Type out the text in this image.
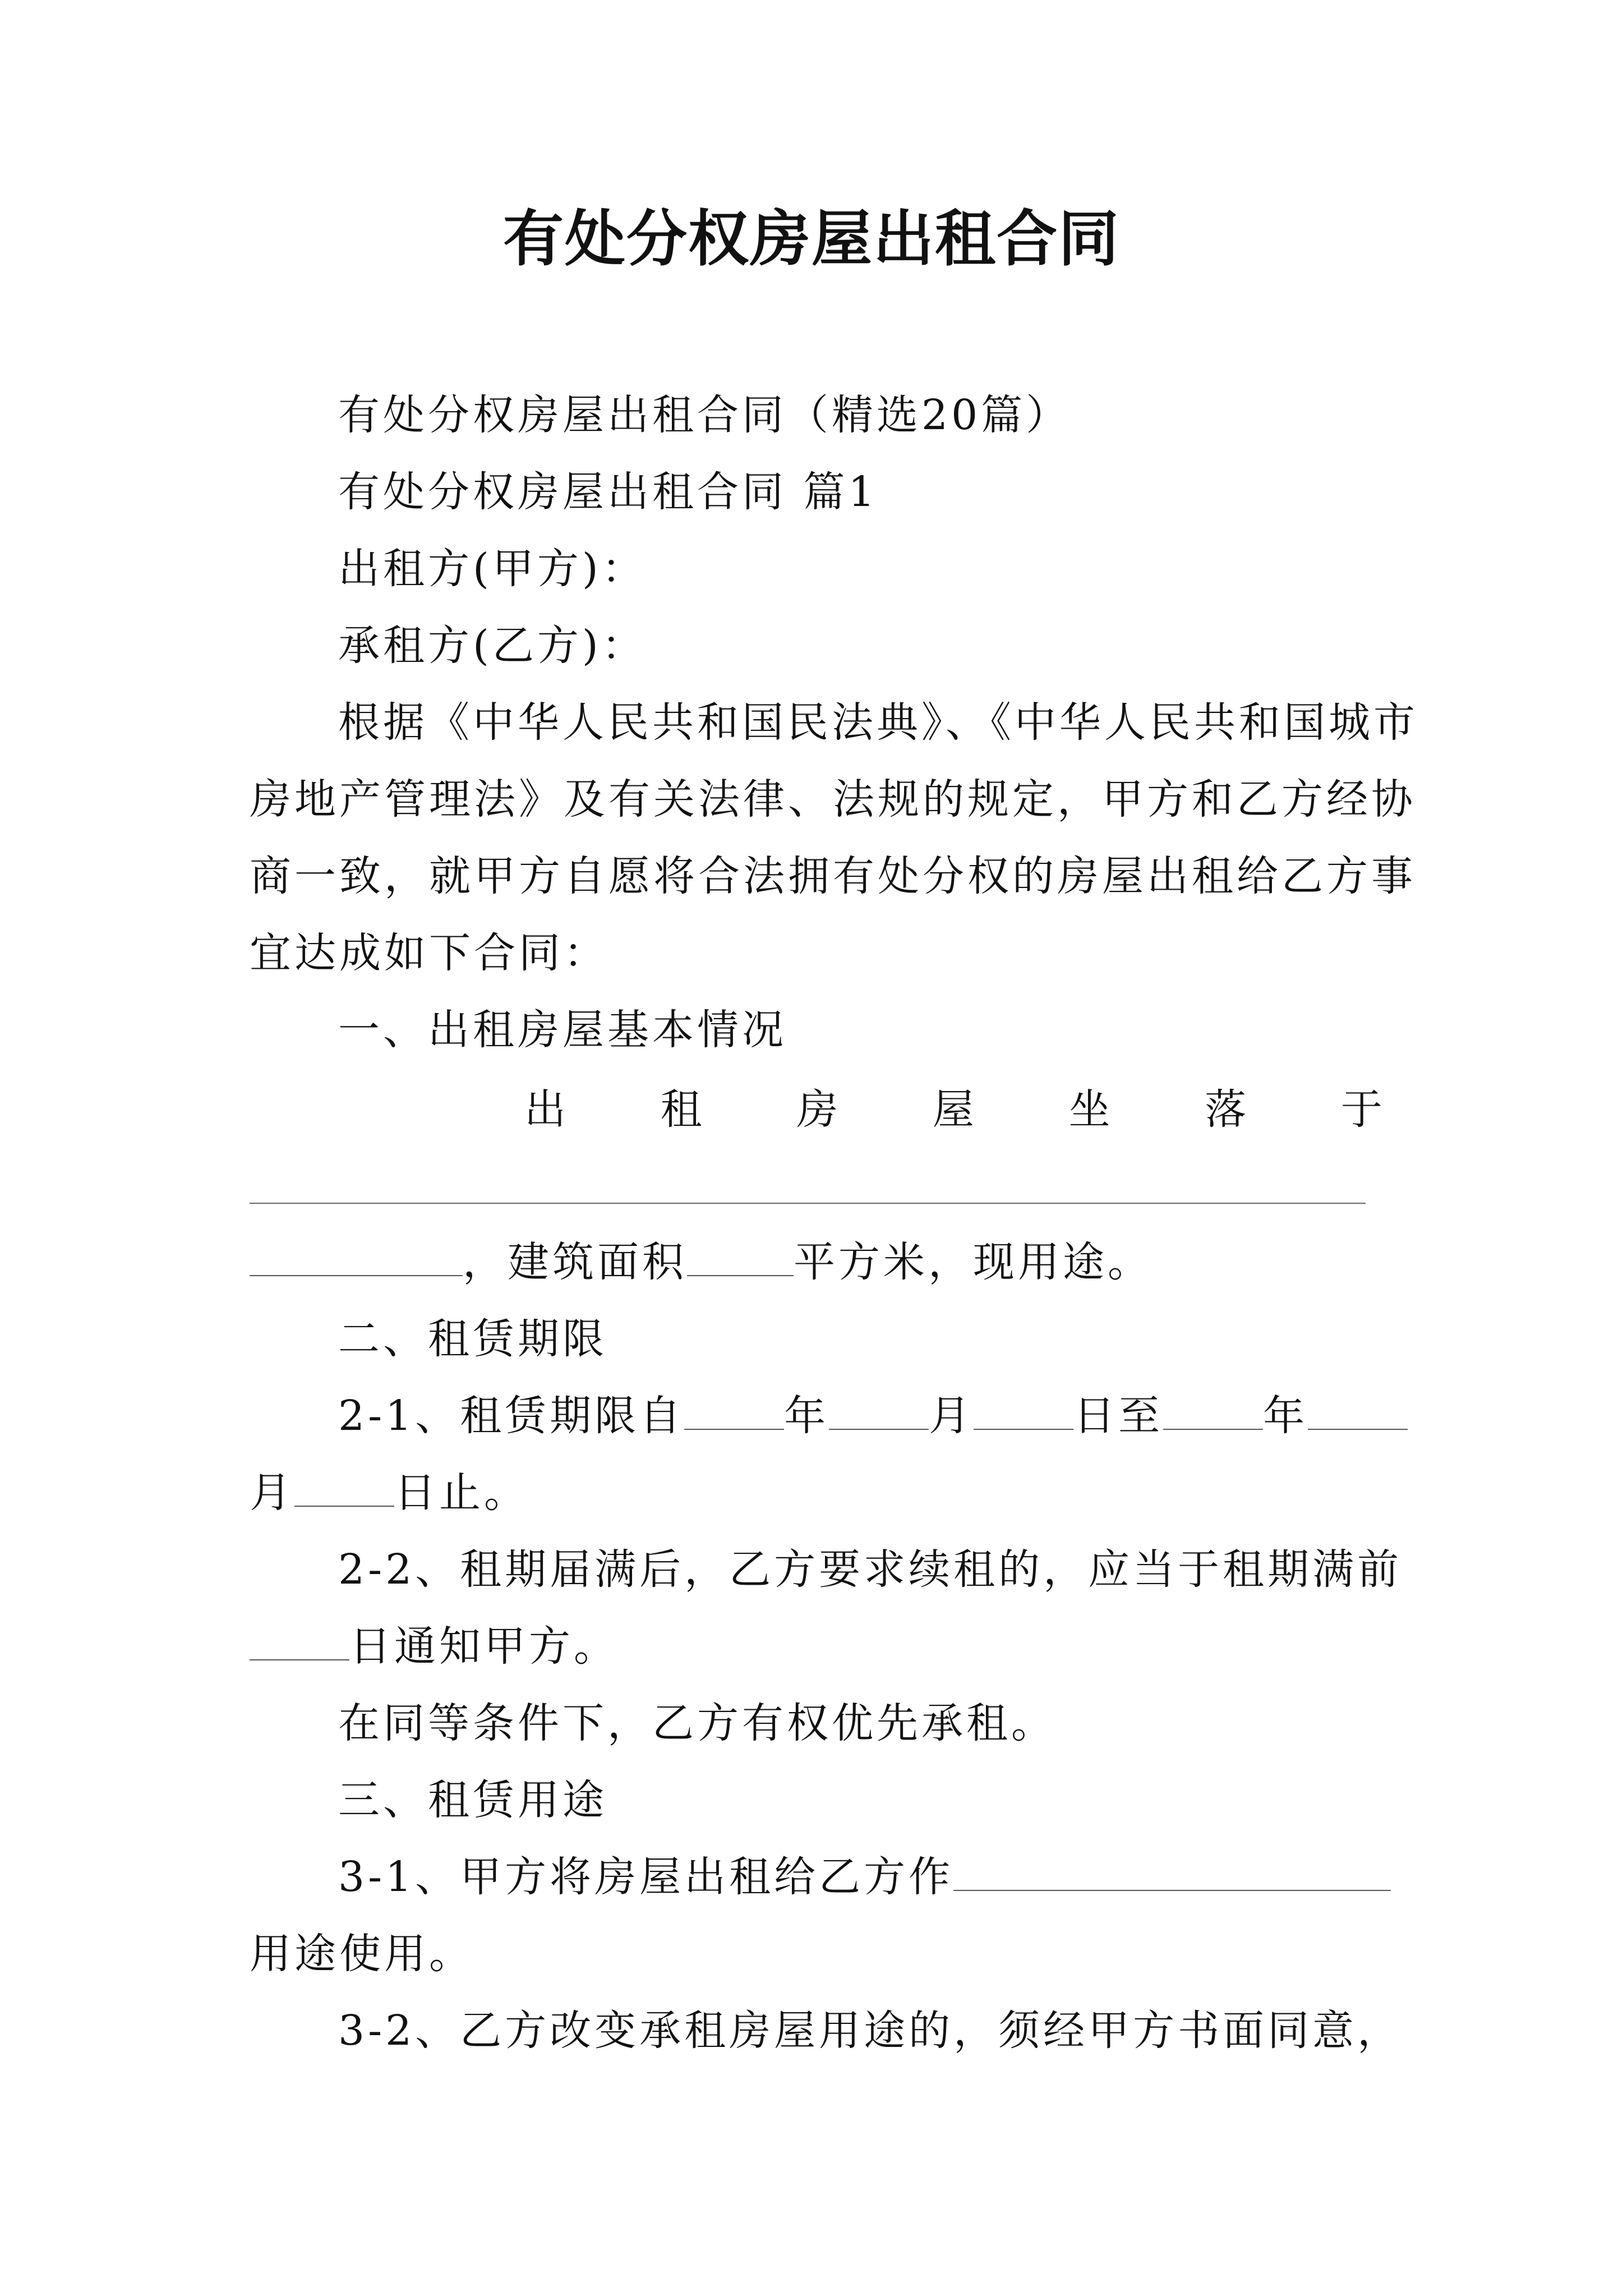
有处分权房屋出租合同
有处分权房屋出租合同（精选20篇）
有处分权房屋出租合同 篇1
出租方(甲方)：
承租方(乙方)：
根据《中华人民共和国民法典》、《中华人民共和国城市
房地产管理法》及有关法律、法规的规定，甲方和乙方经协
商一致，就甲方自愿将合法拥有处分权的房屋出租给乙方事
宜达成如下合同：
一、出租房屋基本情况
出 租 房 屋 坐 落 于
，建筑面积	平方米，现用途。
二、租赁期限
2-1、租赁期限自 年 月 日至 年
月 日止。
2-2、租期届满后，乙方要求续租的，应当于租期满前
日通知甲方。
在同等条件下，乙方有权优先承租。
三、租赁用途
3-1、甲方将房屋出租给乙方作
用途使用。
3-2、乙方改变承租房屋用途的，须经甲方书面同意，
